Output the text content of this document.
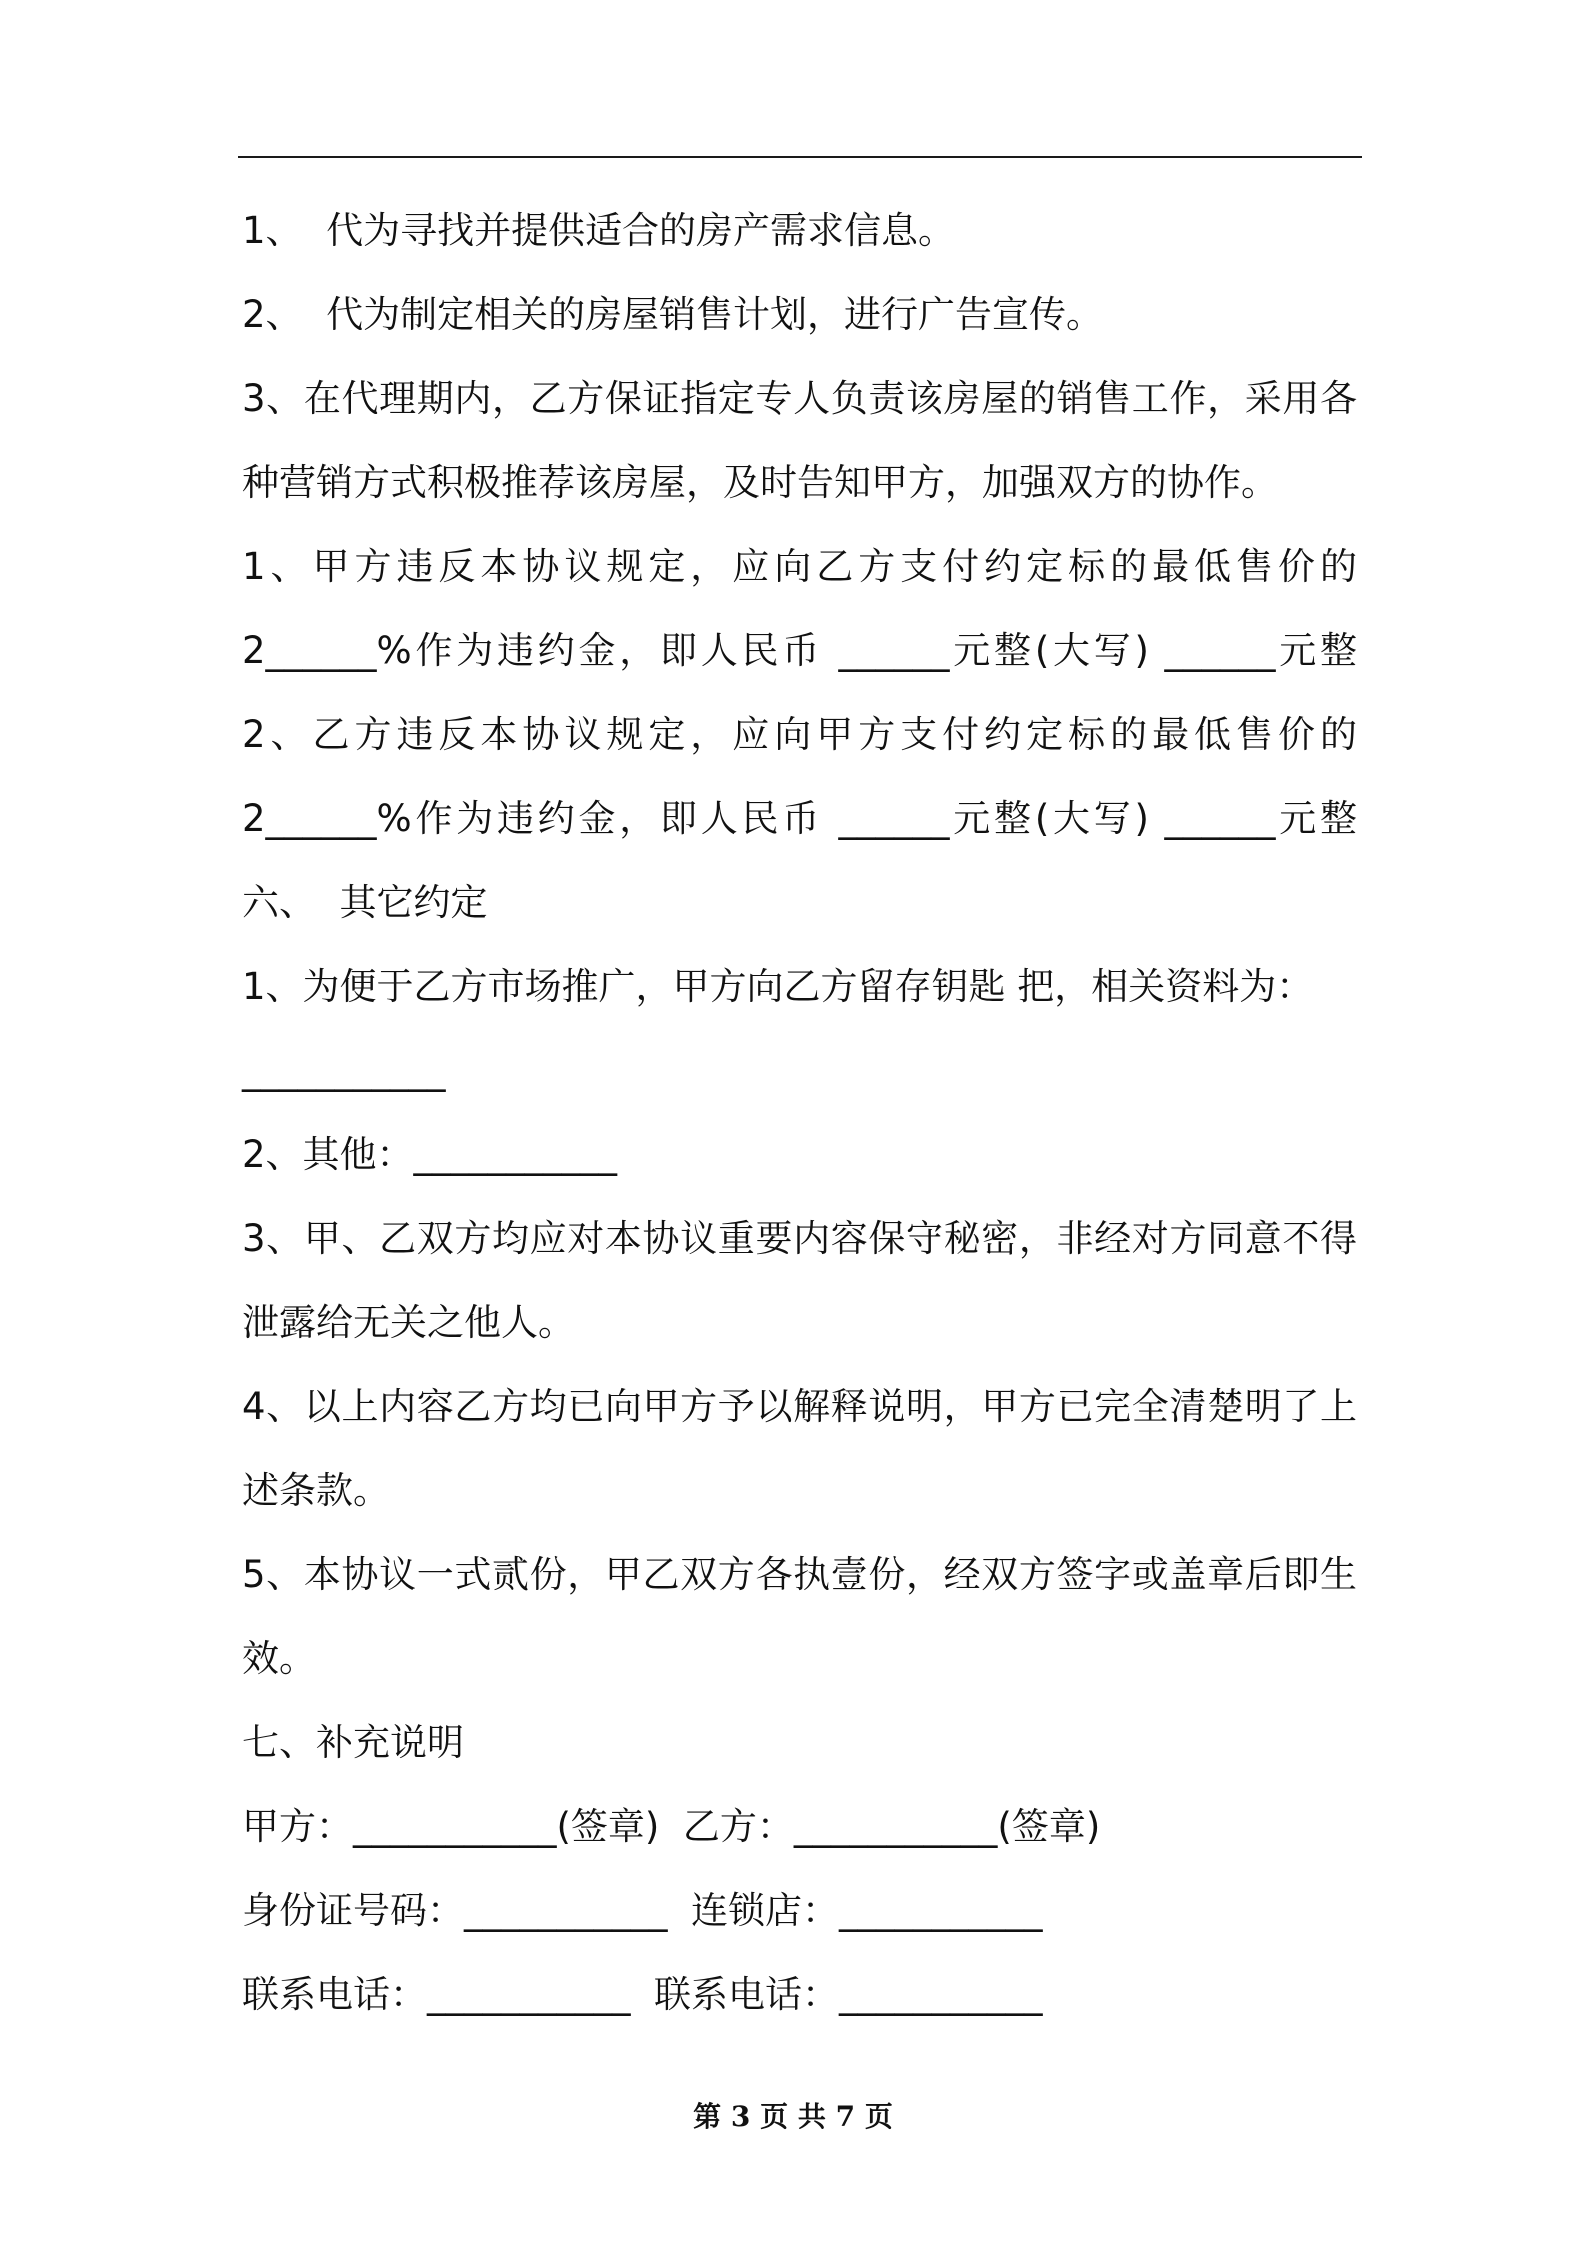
1、  代为寻找并提供适合的房产需求信息。
2、  代为制定相关的房屋销售计划，进行广告宣传。
3、在代理期内，乙方保证指定专人负责该房屋的销售工作，采用各
种营销方式积极推荐该房屋，及时告知甲方，加强双方的协作。
1、甲方违反本协议规定，应向乙方支付约定标的最低售价的
2______%作为违约金，即人民币 ______元整(大写) ______元整
2、乙方违反本协议规定，应向甲方支付约定标的最低售价的
2______%作为违约金，即人民币 ______元整(大写) ______元整
六、  其它约定
1、为便于乙方市场推广，甲方向乙方留存钥匙 把，相关资料为：
___________
2、其他：___________
3、甲、乙双方均应对本协议重要内容保守秘密，非经对方同意不得
泄露给无关之他人。
4、以上内容乙方均已向甲方予以解释说明，甲方已完全清楚明了上
述条款。
5、本协议一式贰份，甲乙双方各执壹份，经双方签字或盖章后即生
效。
七、补充说明
甲方：___________(签章)  乙方：___________(签章)
身份证号码：___________  连锁店：___________
联系电话：___________  联系电话：___________
第 3 页 共 7 页
